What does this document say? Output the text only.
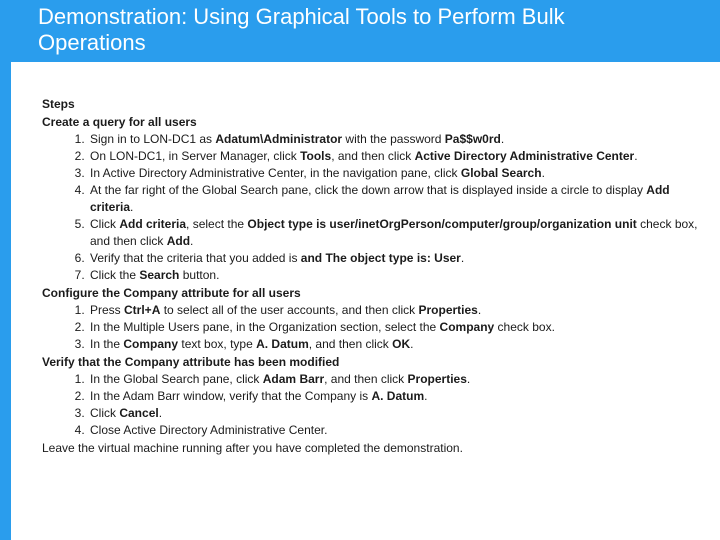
Demonstration: Using Graphical Tools to Perform Bulk Operations
Steps
Create a query for all users
1. Sign in to LON-DC1 as Adatum\Administrator with the password Pa$$w0rd.
2. On LON-DC1, in Server Manager, click Tools, and then click Active Directory Administrative Center.
3. In Active Directory Administrative Center, in the navigation pane, click Global Search.
4. At the far right of the Global Search pane, click the down arrow that is displayed inside a circle to display Add criteria.
5. Click Add criteria, select the Object type is user/inetOrgPerson/computer/group/organization unit check box, and then click Add.
6. Verify that the criteria that you added is and The object type is: User.
7. Click the Search button.
Configure the Company attribute for all users
1. Press Ctrl+A to select all of the user accounts, and then click Properties.
2. In the Multiple Users pane, in the Organization section, select the Company check box.
3. In the Company text box, type A. Datum, and then click OK.
Verify that the Company attribute has been modified
1. In the Global Search pane, click Adam Barr, and then click Properties.
2. In the Adam Barr window, verify that the Company is A. Datum.
3. Click Cancel.
4. Close Active Directory Administrative Center.
Leave the virtual machine running after you have completed the demonstration.
